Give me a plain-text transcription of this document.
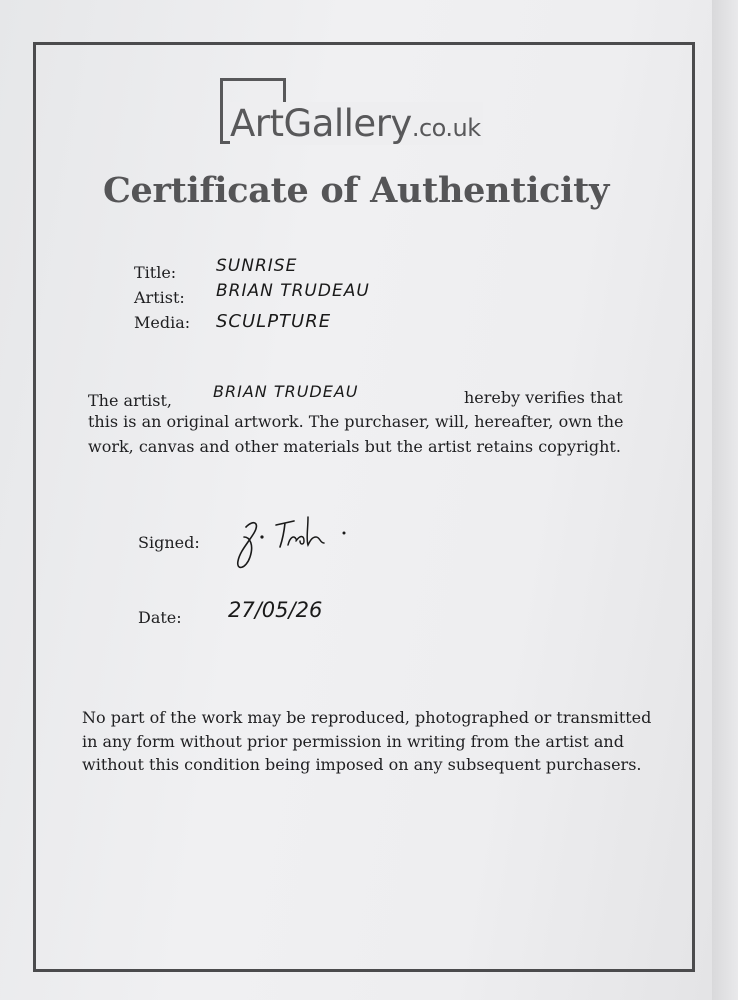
ArtGallery.co.uk
Certificate of Authenticity
Title: SUNRISE
Artist: BRIAN TRUDEAU
Media: SCULPTURE
The artist,	BRIAN TRUDEAU	hereby verifies that
this is an original artwork. The purchaser, will, hereafter, own the
work, canvas and other materials but the artist retains copyright.
Signed:
Date: 27/05/26
No part of the work may be reproduced, photographed or transmitted
in any form without prior permission in writing from the artist and
without this condition being imposed on any subsequent purchasers.
